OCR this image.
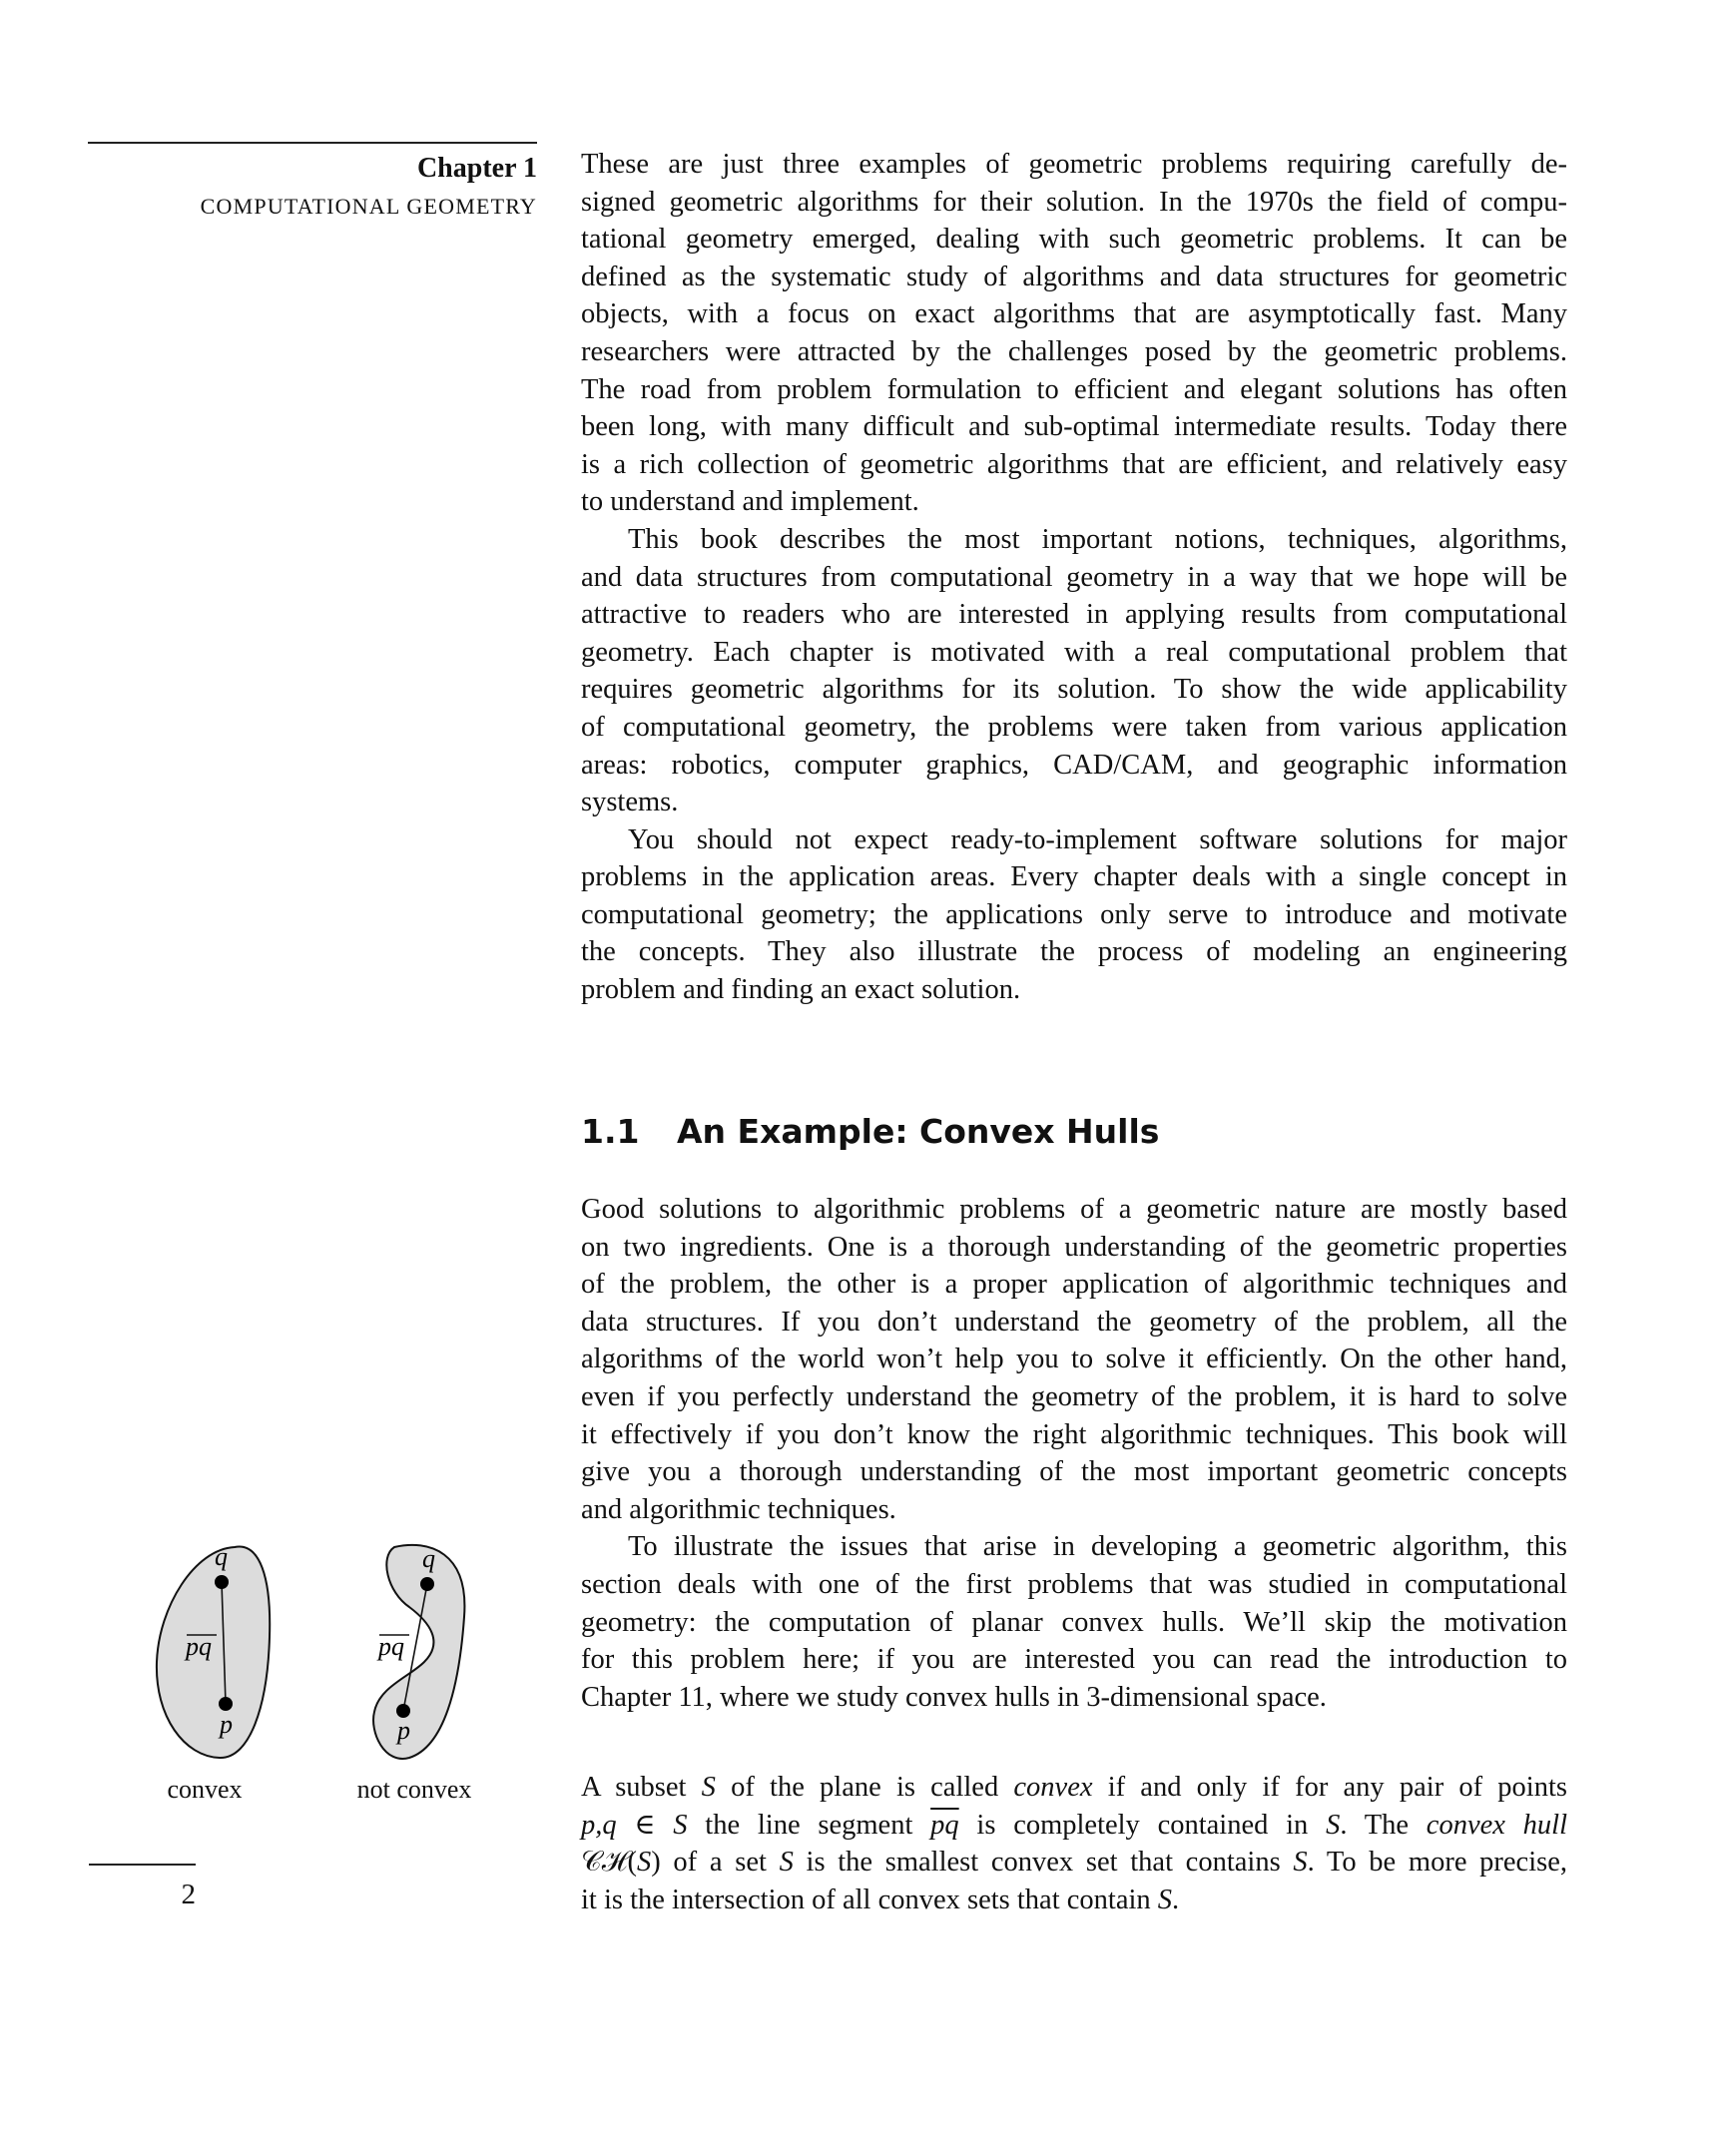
Chapter 1
COMPUTATIONAL GEOMETRY
These are just three examples of geometric problems requiring carefully de-
signed geometric algorithms for their solution. In the 1970s the field of compu-
tational geometry emerged, dealing with such geometric problems. It can be
defined as the systematic study of algorithms and data structures for geometric
objects, with a focus on exact algorithms that are asymptotically fast. Many
researchers were attracted by the challenges posed by the geometric problems.
The road from problem formulation to efficient and elegant solutions has often
been long, with many difficult and sub-optimal intermediate results. Today there
is a rich collection of geometric algorithms that are efficient, and relatively easy
to understand and implement.
This book describes the most important notions, techniques, algorithms,
and data structures from computational geometry in a way that we hope will be
attractive to readers who are interested in applying results from computational
geometry. Each chapter is motivated with a real computational problem that
requires geometric algorithms for its solution. To show the wide applicability
of computational geometry, the problems were taken from various application
areas: robotics, computer graphics, CAD/CAM, and geographic information
systems.
You should not expect ready-to-implement software solutions for major
problems in the application areas. Every chapter deals with a single concept in
computational geometry; the applications only serve to introduce and motivate
the concepts. They also illustrate the process of modeling an engineering
problem and finding an exact solution.
1.1 An Example: Convex Hulls
Good solutions to algorithmic problems of a geometric nature are mostly based
on two ingredients. One is a thorough understanding of the geometric properties
of the problem, the other is a proper application of algorithmic techniques and
data structures. If you don’t understand the geometry of the problem, all the
algorithms of the world won’t help you to solve it efficiently. On the other hand,
even if you perfectly understand the geometry of the problem, it is hard to solve
it effectively if you don’t know the right algorithmic techniques. This book will
give you a thorough understanding of the most important geometric concepts
and algorithmic techniques.
To illustrate the issues that arise in developing a geometric algorithm, this
section deals with one of the first problems that was studied in computational
geometry: the computation of planar convex hulls. We’ll skip the motivation
for this problem here; if you are interested you can read the introduction to
Chapter 11, where we study convex hulls in 3-dimensional space.
A subset S of the plane is called convex if and only if for any pair of points
p,q ∈ S the line segment $\overline{pq}$ is completely contained in S. The convex hull
𝒞ℋ(S) of a set S is the smallest convex set that contains S. To be more precise,
it is the intersection of all convex sets that contain S.
q
p
pq
q
p
pq
convex	not convex
2
